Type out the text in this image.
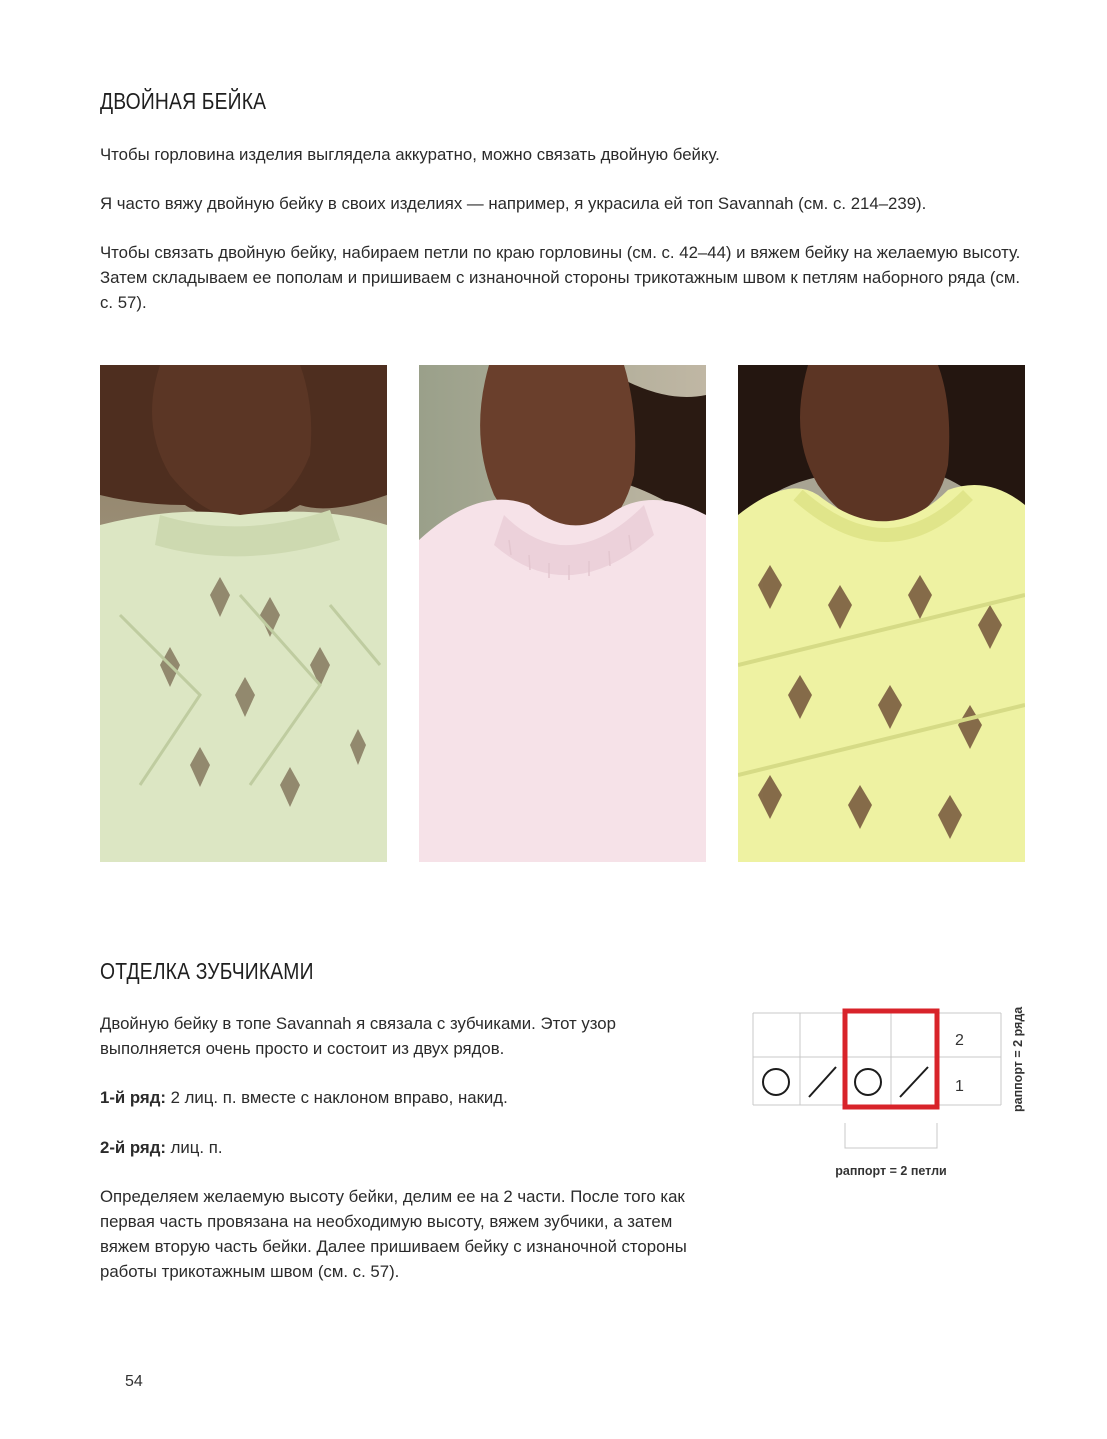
ДВОЙНАЯ БЕЙКА

Чтобы горловина изделия выглядела аккуратно, можно связать двойную бейку.

Я часто вяжу двойную бейку в своих изделиях — например, я украсила ей топ Savannah (см. с. 214–239).

Чтобы связать двойную бейку, набираем петли по краю горловины (см. с. 42–44) и вяжем бейку на желаемую высоту. Затем складываем ее пополам и пришиваем с изнаночной стороны трикотажным швом к петлям наборного ряда (см. с. 57).

ОТДЕЛКА ЗУБЧИКАМИ

Двойную бейку в топе Savannah я связала с зубчиками. Этот узор выполняется очень просто и состоит из двух рядов.

1-й ряд: 2 лиц. п. вместе с наклоном вправо, накид.

2-й ряд: лиц. п.

Определяем желаемую высоту бейки, делим ее на 2 части. После того как первая часть провязана на необходимую высоту, вяжем зубчики, а затем вяжем вторую часть бейки. Далее пришиваем бейку с изнаночной стороны работы трикотажным швом (см. с. 57).

2
1	раппорт = 2 ряда
раппорт = 2 петли
54
